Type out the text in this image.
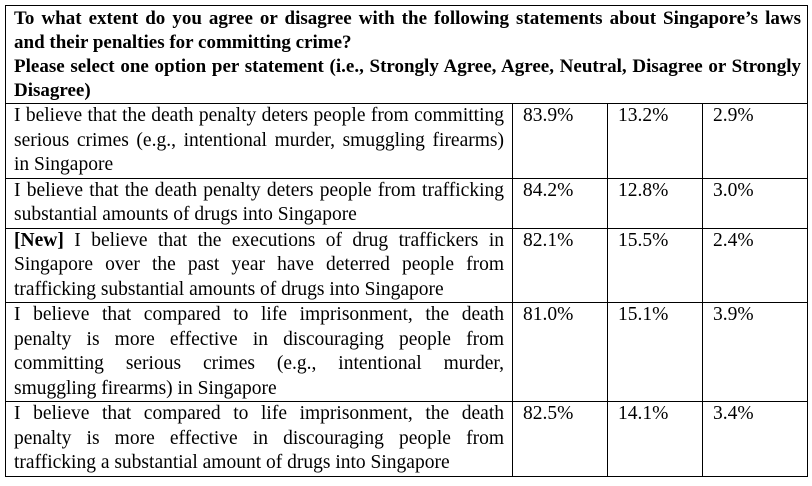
To what extent do you agree or disagree with the following statements about Singapore’s laws and their penalties for committing crime?

Please select one option per statement (i.e., Strongly Agree, Agree, Neutral, Disagree or Strongly Disagree)			

I believe that the death penalty deters people from committing serious crimes (e.g., intentional murder, smuggling firearms) in Singapore	83.9%	13.2%	2.9%
I believe that the death penalty deters people from trafficking substantial amounts of drugs into Singapore	84.2%	12.8%	3.0%
[New] I believe that the executions of drug traffickers in Singapore over the past year have deterred people from trafficking substantial amounts of drugs into Singapore	82.1%	15.5%	2.4%
I believe that compared to life imprisonment, the death penalty is more effective in discouraging people from committing serious crimes (e.g., intentional murder, smuggling firearms) in Singapore	81.0%	15.1%	3.9%
I believe that compared to life imprisonment, the death penalty is more effective in discouraging people from trafficking a substantial amount of drugs into Singapore	82.5%	14.1%	3.4%
